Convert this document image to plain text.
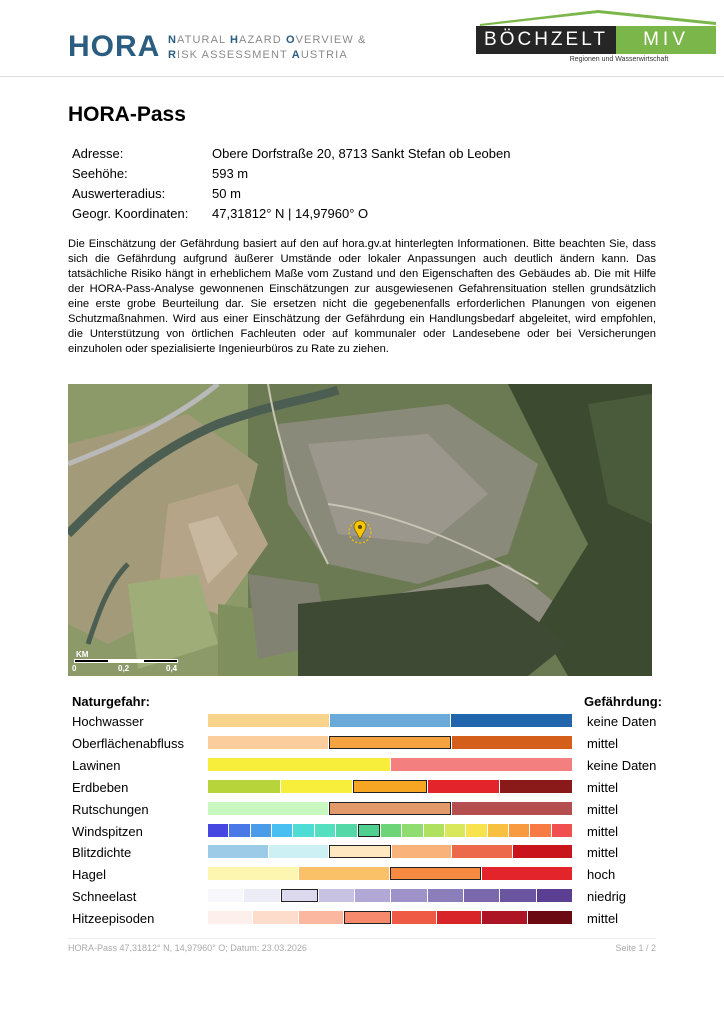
HORA NATURAL HAZARD OVERVIEW &
RISK ASSESSMENT AUSTRIA
BÖCHZELT	MIV
Regionen und Wasserwirtschaft
HORA-Pass
Adresse:	Obere Dorfstraße 20, 8713 Sankt Stefan ob Leoben
Seehöhe:	593 m
Auswerteradius:	50 m
Geogr. Koordinaten: 47,31812° N | 14,97960° O
Die Einschätzung der Gefährdung basiert auf den auf hora.gv.at hinterlegten Informationen. Bitte beachten Sie, dass sich die Gefährdung aufgrund äußerer Umstände oder lokaler Anpassungen auch deutlich ändern kann. Das tatsächliche Risiko hängt in erheblichem Maße vom Zustand und den Eigenschaften des Gebäudes ab. Die mit Hilfe der HORA-Pass-Analyse gewonnenen Einschätzungen zur ausgewiesenen Gefahrensituation stellen grundsätzlich eine erste grobe Beurteilung dar. Sie ersetzen nicht die gegebenenfalls erforderlichen Planungen von eigenen Schutzmaßnahmen. Wird aus einer Einschätzung der Gefährdung ein Handlungsbedarf abgeleitet, wird empfohlen, die Unterstützung von örtlichen Fachleuten oder auf kommunaler oder Landesebene oder bei Versicherungen einzuholen oder spezialisierte Ingenieurbüros zu Rate zu ziehen.
KM
0	0,2	0,4
Naturgefahr:	Gefährdung:
Hochwasser	keine Daten
Oberflächenabfluss	mittel
Lawinen	keine Daten
Erdbeben	mittel
Rutschungen	mittel
Windspitzen	mittel
Blitzdichte	mittel
Hagel	hoch
Schneelast	niedrig
Hitzeepisoden	mittel
HORA-Pass 47,31812° N, 14,97960° O; Datum: 23.03.2026	Seite 1 / 2
